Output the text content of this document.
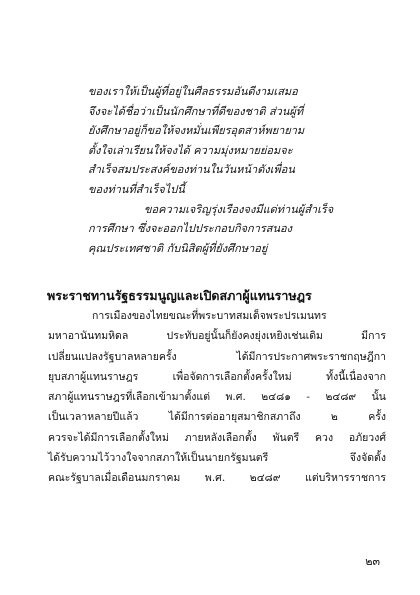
ของเราให้เป็นผู้ที่อยู่ในศีลธรรมอันดีงามเสมอ
จึงจะได้ชื่อว่าเป็นนักศึกษาที่ดีของชาติ ส่วนผู้ที่
ยังศึกษาอยู่ก็ขอให้จงหมั่นเพียรอุตสาห์พยายาม
ตั้งใจเล่าเรียนให้จงได้ ความมุ่งหมายย่อมจะ
สำเร็จสมประสงค์ของท่านในวันหน้าดังเพื่อน
ของท่านที่สำเร็จไปนี้
ขอความเจริญรุ่งเรืองจงมีแด่ท่านผู้สำเร็จ
การศึกษา ซึ่งจะออกไปประกอบกิจการสนอง
คุณประเทศชาติ กับนิสิตผู้ที่ยังศึกษาอยู่
พระราชทานรัฐธรรมนูญและเปิดสภาผู้แทนราษฎร
การเมืองของไทยขณะที่พระบาทสมเด็จพระปรเมนทร
มหาอานันทมหิดล ประทับอยู่นั้นก็ยังคงยุ่งเหยิงเช่นเดิม มีการ
เปลี่ยนแปลงรัฐบาลหลายครั้ง ได้มีการประกาศพระราชกฤษฎีกา
ยุบสภาผู้แทนราษฎร เพื่อจัดการเลือกตั้งครั้งใหม่ ทั้งนี้เนื่องจาก
สภาผู้แทนราษฎรที่เลือกเข้ามาตั้งแต่ พ.ศ. ๒๔๘๑ - ๒๔๘๙ นั้น
เป็นเวลาหลายปีแล้ว ได้มีการต่ออายุสมาชิกสภาถึง ๒ ครั้ง
ควรจะได้มีการเลือกตั้งใหม่ ภายหลังเลือกตั้ง พันตรี ควง อภัยวงศ์
ได้รับความไว้วางใจจากสภาให้เป็นนายกรัฐมนตรี จึงจัดตั้ง
คณะรัฐบาลเมื่อเดือนมกราคม พ.ศ. ๒๔๘๙ แต่บริหารราชการ
๒๓
